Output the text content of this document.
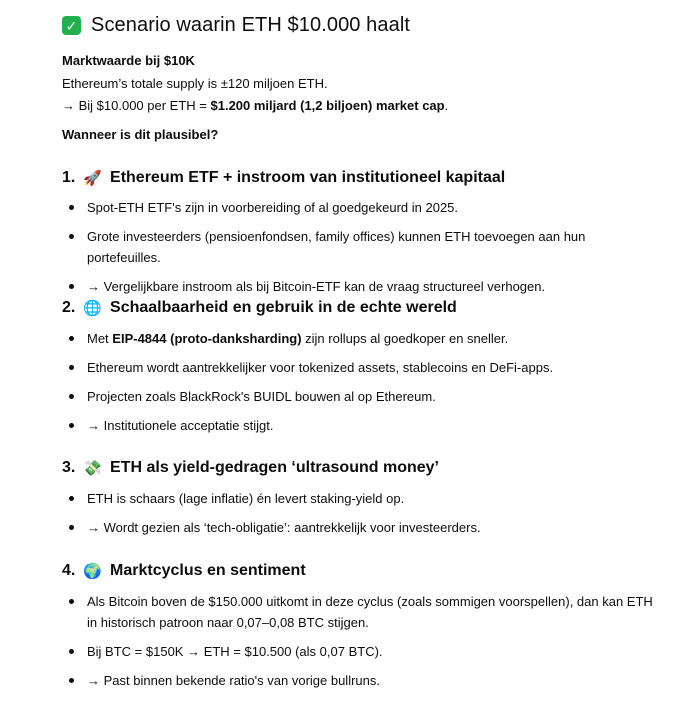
✓ Scenario waarin ETH $10.000 haalt

Marktwaarde bij $10K

Ethereum’s totale supply is ±120 miljoen ETH.

→ Bij $10.000 per ETH = $1.200 miljard (1,2 biljoen) market cap.

Wanneer is dit plausibel?

1. 🚀 Ethereum ETF + instroom van institutioneel kapitaal
Spot-ETH ETF's zijn in voorbereiding of al goedgekeurd in 2025.
Grote investeerders (pensioenfondsen, family offices) kunnen ETH toevoegen aan hun portefeuilles.
→ Vergelijkbare instroom als bij Bitcoin-ETF kan de vraag structureel verhogen.
2. 🌐 Schaalbaarheid en gebruik in de echte wereld
Met EIP-4844 (proto-danksharding) zijn rollups al goedkoper en sneller.
Ethereum wordt aantrekkelijker voor tokenized assets, stablecoins en DeFi-apps.
Projecten zoals BlackRock's BUIDL bouwen al op Ethereum.
→ Institutionele acceptatie stijgt.
3. 💸 ETH als yield-gedragen ‘ultrasound money’
ETH is schaars (lage inflatie) én levert staking-yield op.
→ Wordt gezien als ‘tech-obligatie’: aantrekkelijk voor investeerders.
4. 🌍 Marktcyclus en sentiment
Als Bitcoin boven de $150.000 uitkomt in deze cyclus (zoals sommigen voorspellen), dan kan ETH in historisch patroon naar 0,07–0,08 BTC stijgen.
Bij BTC = $150K → ETH = $10.500 (als 0,07 BTC).
→ Past binnen bekende ratio's van vorige bullruns.
